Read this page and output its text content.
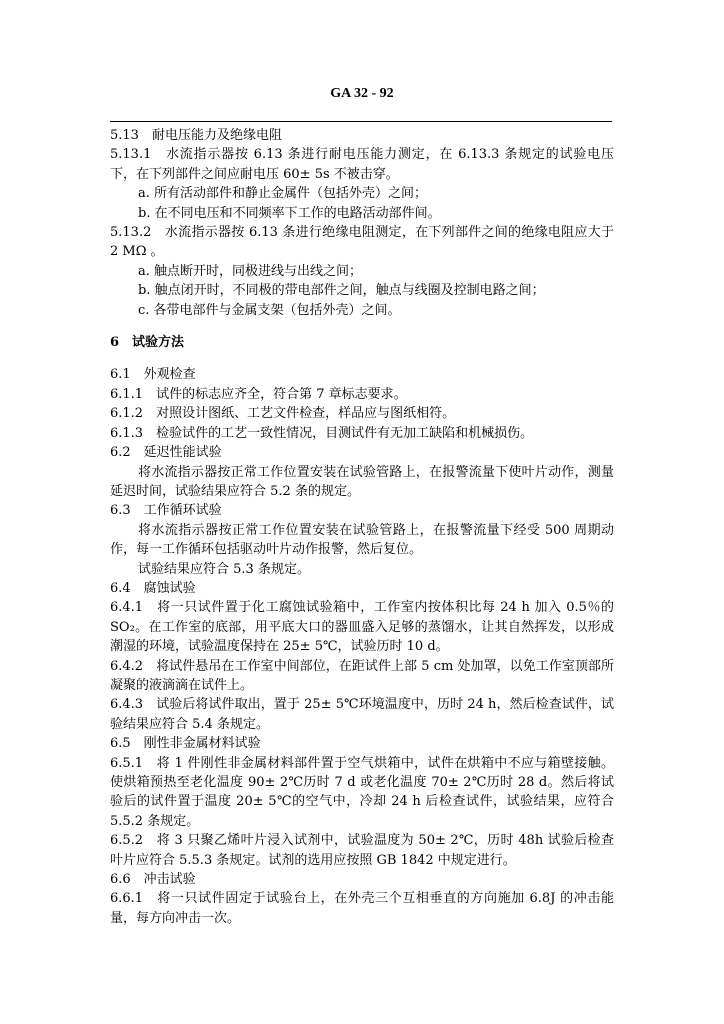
GA 32 - 92

5.13　耐电压能力及绝缘电阻

5.13.1　水流指示器按 6.13 条进行耐电压能力测定，在 6.13.3 条规定的试验电压下，在下列部件之间应耐电压 60± 5s 不被击穿。

a. 所有活动部件和静止金属件（包括外壳）之间；

b. 在不同电压和不同频率下工作的电路活动部件间。

5.13.2　水流指示器按 6.13 条进行绝缘电阻测定，在下列部件之间的绝缘电阻应大于 2 MΩ 。

a. 触点断开时，同极进线与出线之间；

b. 触点闭开时，不同极的带电部件之间，触点与线圈及控制电路之间；

c. 各带电部件与金属支架（包括外壳）之间。

6　试验方法

6.1　外观检查

6.1.1　试件的标志应齐全，符合第 7 章标志要求。

6.1.2　对照设计图纸、工艺文件检查，样品应与图纸相符。

6.1.3　检验试件的工艺一致性情况，目测试件有无加工缺陷和机械损伤。

6.2　延迟性能试验

将水流指示器按正常工作位置安装在试验管路上，在报警流量下使叶片动作，测量延迟时间，试验结果应符合 5.2 条的规定。

6.3　工作循环试验

将水流指示器按正常工作位置安装在试验管路上，在报警流量下经受 500 周期动作，每一工作循环包括驱动叶片动作报警，然后复位。

试验结果应符合 5.3 条规定。

6.4　腐蚀试验

6.4.1　将一只试件置于化工腐蚀试验箱中，工作室内按体积比每 24 h 加入 0.5％的 SO₂。在工作室的底部，用平底大口的器皿盛入足够的蒸馏水，让其自然挥发，以形成潮湿的环境，试验温度保持在 25± 5℃，试验历时 10 d。

6.4.2　将试件悬吊在工作室中间部位，在距试件上部 5 cm 处加罩，以免工作室顶部所凝聚的液滴滴在试件上。

6.4.3　试验后将试件取出，置于 25± 5℃环境温度中，历时 24 h，然后检查试件，试验结果应符合 5.4 条规定。

6.5　刚性非金属材料试验

6.5.1　将 1 件刚性非金属材料部件置于空气烘箱中，试件在烘箱中不应与箱壁接触。使烘箱预热至老化温度 90± 2℃历时 7 d 或老化温度 70± 2℃历时 28 d。然后将试验后的试件置于温度 20± 5℃的空气中，冷却 24 h 后检查试件，试验结果，应符合 5.5.2 条规定。

6.5.2　将 3 只聚乙烯叶片浸入试剂中，试验温度为 50± 2℃，历时 48h 试验后检查叶片应符合 5.5.3 条规定。试剂的选用应按照 GB 1842 中规定进行。

6.6　冲击试验

6.6.1　将一只试件固定于试验台上，在外壳三个互相垂直的方向施加 6.8J 的冲击能量，每方向冲击一次。
